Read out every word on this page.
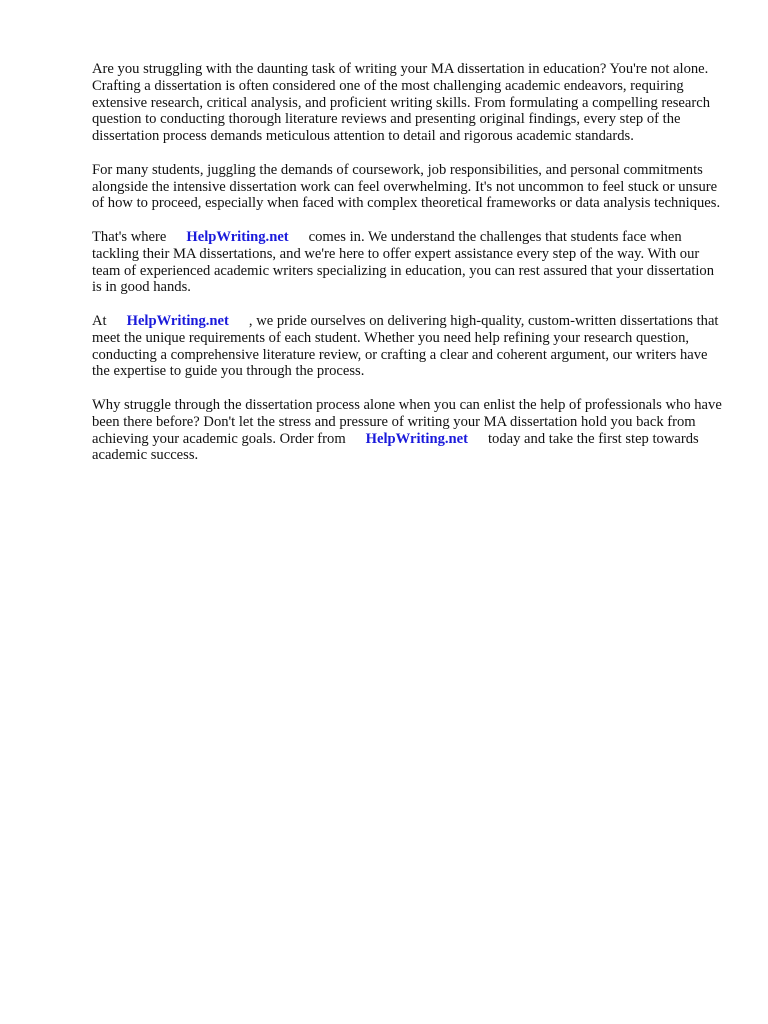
Are you struggling with the daunting task of writing your MA dissertation in education? You're not alone. Crafting a dissertation is often considered one of the most challenging academic endeavors, requiring extensive research, critical analysis, and proficient writing skills. From formulating a compelling research question to conducting thorough literature reviews and presenting original findings, every step of the dissertation process demands meticulous attention to detail and rigorous academic standards.

For many students, juggling the demands of coursework, job responsibilities, and personal commitments alongside the intensive dissertation work can feel overwhelming. It's not uncommon to feel stuck or unsure of how to proceed, especially when faced with complex theoretical frameworks or data analysis techniques.

That's where HelpWriting.net comes in. We understand the challenges that students face when tackling their MA dissertations, and we're here to offer expert assistance every step of the way. With our team of experienced academic writers specializing in education, you can rest assured that your dissertation is in good hands.

At HelpWriting.net , we pride ourselves on delivering high-quality, custom-written dissertations that meet the unique requirements of each student. Whether you need help refining your research question, conducting a comprehensive literature review, or crafting a clear and coherent argument, our writers have the expertise to guide you through the process.

Why struggle through the dissertation process alone when you can enlist the help of professionals who have been there before? Don't let the stress and pressure of writing your MA dissertation hold you back from achieving your academic goals. Order from HelpWriting.net today and take the first step towards academic success.
